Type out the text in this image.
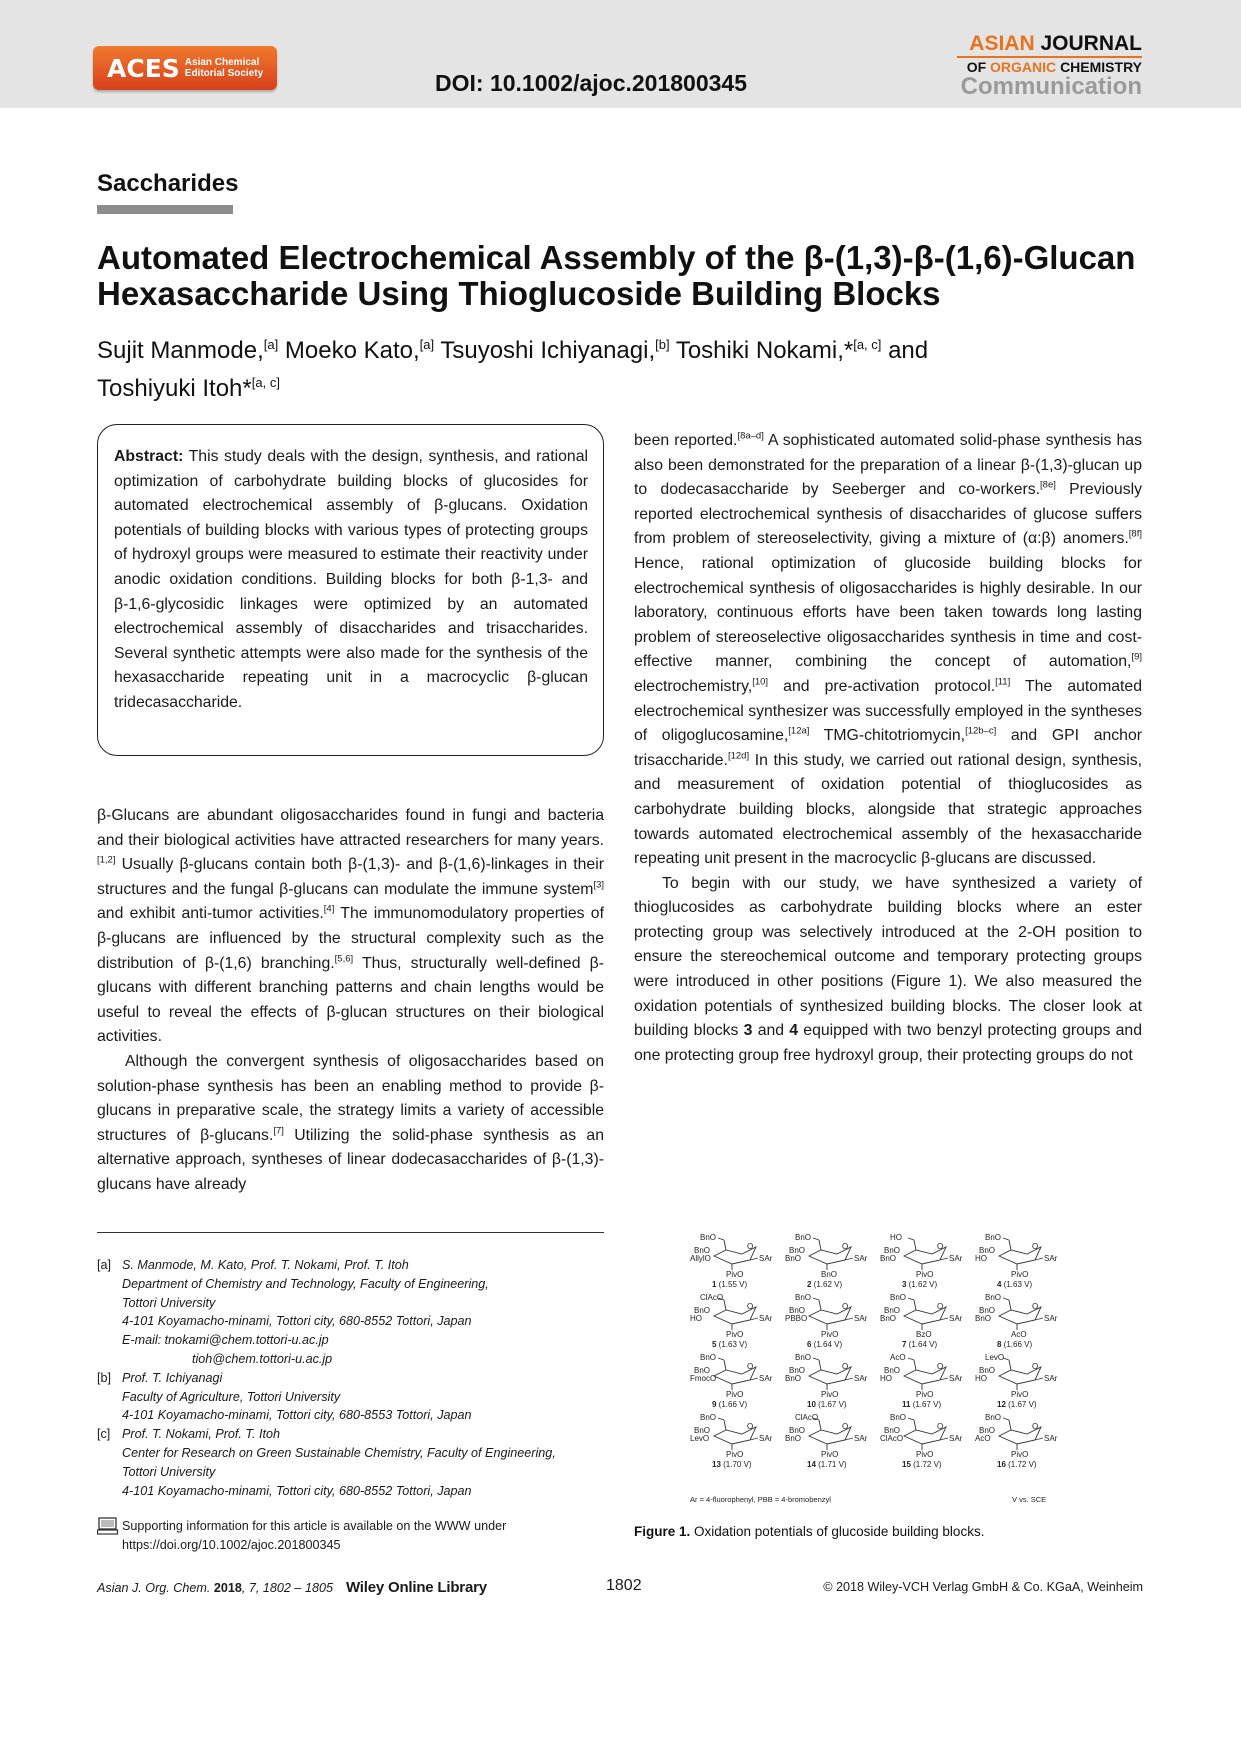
ACES Asian Chemical
Editorial Society	DOI: 10.1002/ajoc.201800345
ASIAN JOURNAL
OF ORGANIC CHEMISTRY
Communication
Saccharides
Automated Electrochemical Assembly of the β-(1,3)-β-(1,6)-Glucan
Hexasaccharide Using Thioglucoside Building Blocks
Sujit Manmode,[a] Moeko Kato,[a] Tsuyoshi Ichiyanagi,[b] Toshiki Nokami,*[a, c] and
Toshiyuki Itoh*[a, c]
Abstract: This study deals with the design, synthesis, and rational optimization of carbohydrate building blocks of glucosides for automated electrochemical assembly of β-glucans. Oxidation potentials of building blocks with various types of protecting groups of hydroxyl groups were measured to estimate their reactivity under anodic oxidation conditions. Building blocks for both β-1,3- and β-1,6-glycosidic linkages were optimized by an automated electrochemical assembly of disaccharides and trisaccharides. Several synthetic attempts were also made for the synthesis of the hexasaccharide repeating unit in a macrocyclic β-glucan tridecasaccharide.

β-Glucans are abundant oligosaccharides found in fungi and bacteria and their biological activities have attracted researchers for many years.[1,2] Usually β-glucans contain both β-(1,3)- and β-(1,6)-linkages in their structures and the fungal β-glucans can modulate the immune system[3] and exhibit anti-tumor activities.[4] The immunomodulatory properties of β-glucans are influenced by the structural complexity such as the distribution of β-(1,6) branching.[5,6] Thus, structurally well-defined β-glucans with different branching patterns and chain lengths would be useful to reveal the effects of β-glucan structures on their biological activities.

Although the convergent synthesis of oligosaccharides based on solution-phase synthesis has been an enabling method to provide β-glucans in preparative scale, the strategy limits a variety of accessible structures of β-glucans.[7] Utilizing the solid-phase synthesis as an alternative approach, syntheses of linear dodecasaccharides of β-(1,3)-glucans have already

been reported.[8a–d] A sophisticated automated solid-phase synthesis has also been demonstrated for the preparation of a linear β-(1,3)-glucan up to dodecasaccharide by Seeberger and co-workers.[8e] Previously reported electrochemical synthesis of disaccharides of glucose suffers from problem of stereoselectivity, giving a mixture of (α:β) anomers.[8f] Hence, rational optimization of glucoside building blocks for electrochemical synthesis of oligosaccharides is highly desirable. In our laboratory, continuous efforts have been taken towards long lasting problem of stereoselective oligosaccharides synthesis in time and cost-effective manner, combining the concept of automation,[9] electrochemistry,[10] and pre-activation protocol.[11] The automated electrochemical synthesizer was successfully employed in the syntheses of oligoglucosamine,[12a] TMG-chitotriomycin,[12b–c] and GPI anchor trisaccharide.[12d] In this study, we carried out rational design, synthesis, and measurement of oxidation potential of thioglucosides as carbohydrate building blocks, alongside that strategic approaches towards automated electrochemical assembly of the hexasaccharide repeating unit present in the macrocyclic β-glucans are discussed.

To begin with our study, we have synthesized a variety of thioglucosides as carbohydrate building blocks where an ester protecting group was selectively introduced at the 2-OH position to ensure the stereochemical outcome and temporary protecting groups were introduced in other positions (Figure 1). We also measured the oxidation potentials of synthesized building blocks. The closer look at building blocks 3 and 4 equipped with two benzyl protecting groups and one protecting group free hydroxyl group, their protecting groups do not

[a] S. Manmode, M. Kato, Prof. T. Nokami, Prof. T. Itoh
Department of Chemistry and Technology, Faculty of Engineering,
Tottori University
4-101 Koyamacho-minami, Tottori city, 680-8552 Tottori, Japan
E-mail: tnokami@chem.tottori-u.ac.jp
tioh@chem.tottori-u.ac.jp
[b] Prof. T. Ichiyanagi
Faculty of Agriculture, Tottori University
4-101 Koyamacho-minami, Tottori city, 680-8553 Tottori, Japan
[c] Prof. T. Nokami, Prof. T. Itoh
Center for Research on Green Sustainable Chemistry, Faculty of Engineering,
Tottori University
4-101 Koyamacho-minami, Tottori city, 680-8552 Tottori, Japan
Supporting information for this article is available on the WWW under https://doi.org/10.1002/ajoc.201800345
BnO
BnO
AllylO
O
SAr
PivO
1 (1.55 V)
BnO
BnO
BnO
O
SAr
BnO
2 (1.62 V)
HO
BnO
BnO
O
SAr
PivO
3 (1.62 V)
BnO
BnO
HO
O
SAr
PivO
4 (1.63 V)
ClAcO
BnO
HO
O
SAr
PivO
5 (1.63 V)
BnO
BnO
PBBO
O
SAr
PivO
6 (1.64 V)
BnO
BnO
BnO
O
SAr
BzO
7 (1.64 V)
BnO
BnO
BnO
O
SAr
AcO
8 (1.66 V)
BnO
BnO
FmocO
O
SAr
PivO
9 (1.66 V)
BnO
BnO
BnO
O
SAr
PivO
10 (1.67 V)
AcO
BnO
HO
O
SAr
PivO
11 (1.67 V)
LevO
BnO
HO
O
SAr
PivO
12 (1.67 V)
BnO
BnO
LevO
O
SAr
PivO
13 (1.70 V)
ClAcO
BnO
BnO
O
SAr
PivO
14 (1.71 V)
BnO
BnO
ClAcO
O
SAr
PivO
15 (1.72 V)
BnO
BnO
AcO
O
SAr
PivO
16 (1.72 V)
Ar = 4-fluorophenyl, PBB = 4-bromobenzyl	V vs. SCE
Figure 1. Oxidation potentials of glucoside building blocks.
Asian J. Org. Chem.
2018 , 7, 1802 – 1805 Wiley Online Library	1802	© 2018 Wiley-VCH Verlag GmbH & Co. KGaA, Weinheim
